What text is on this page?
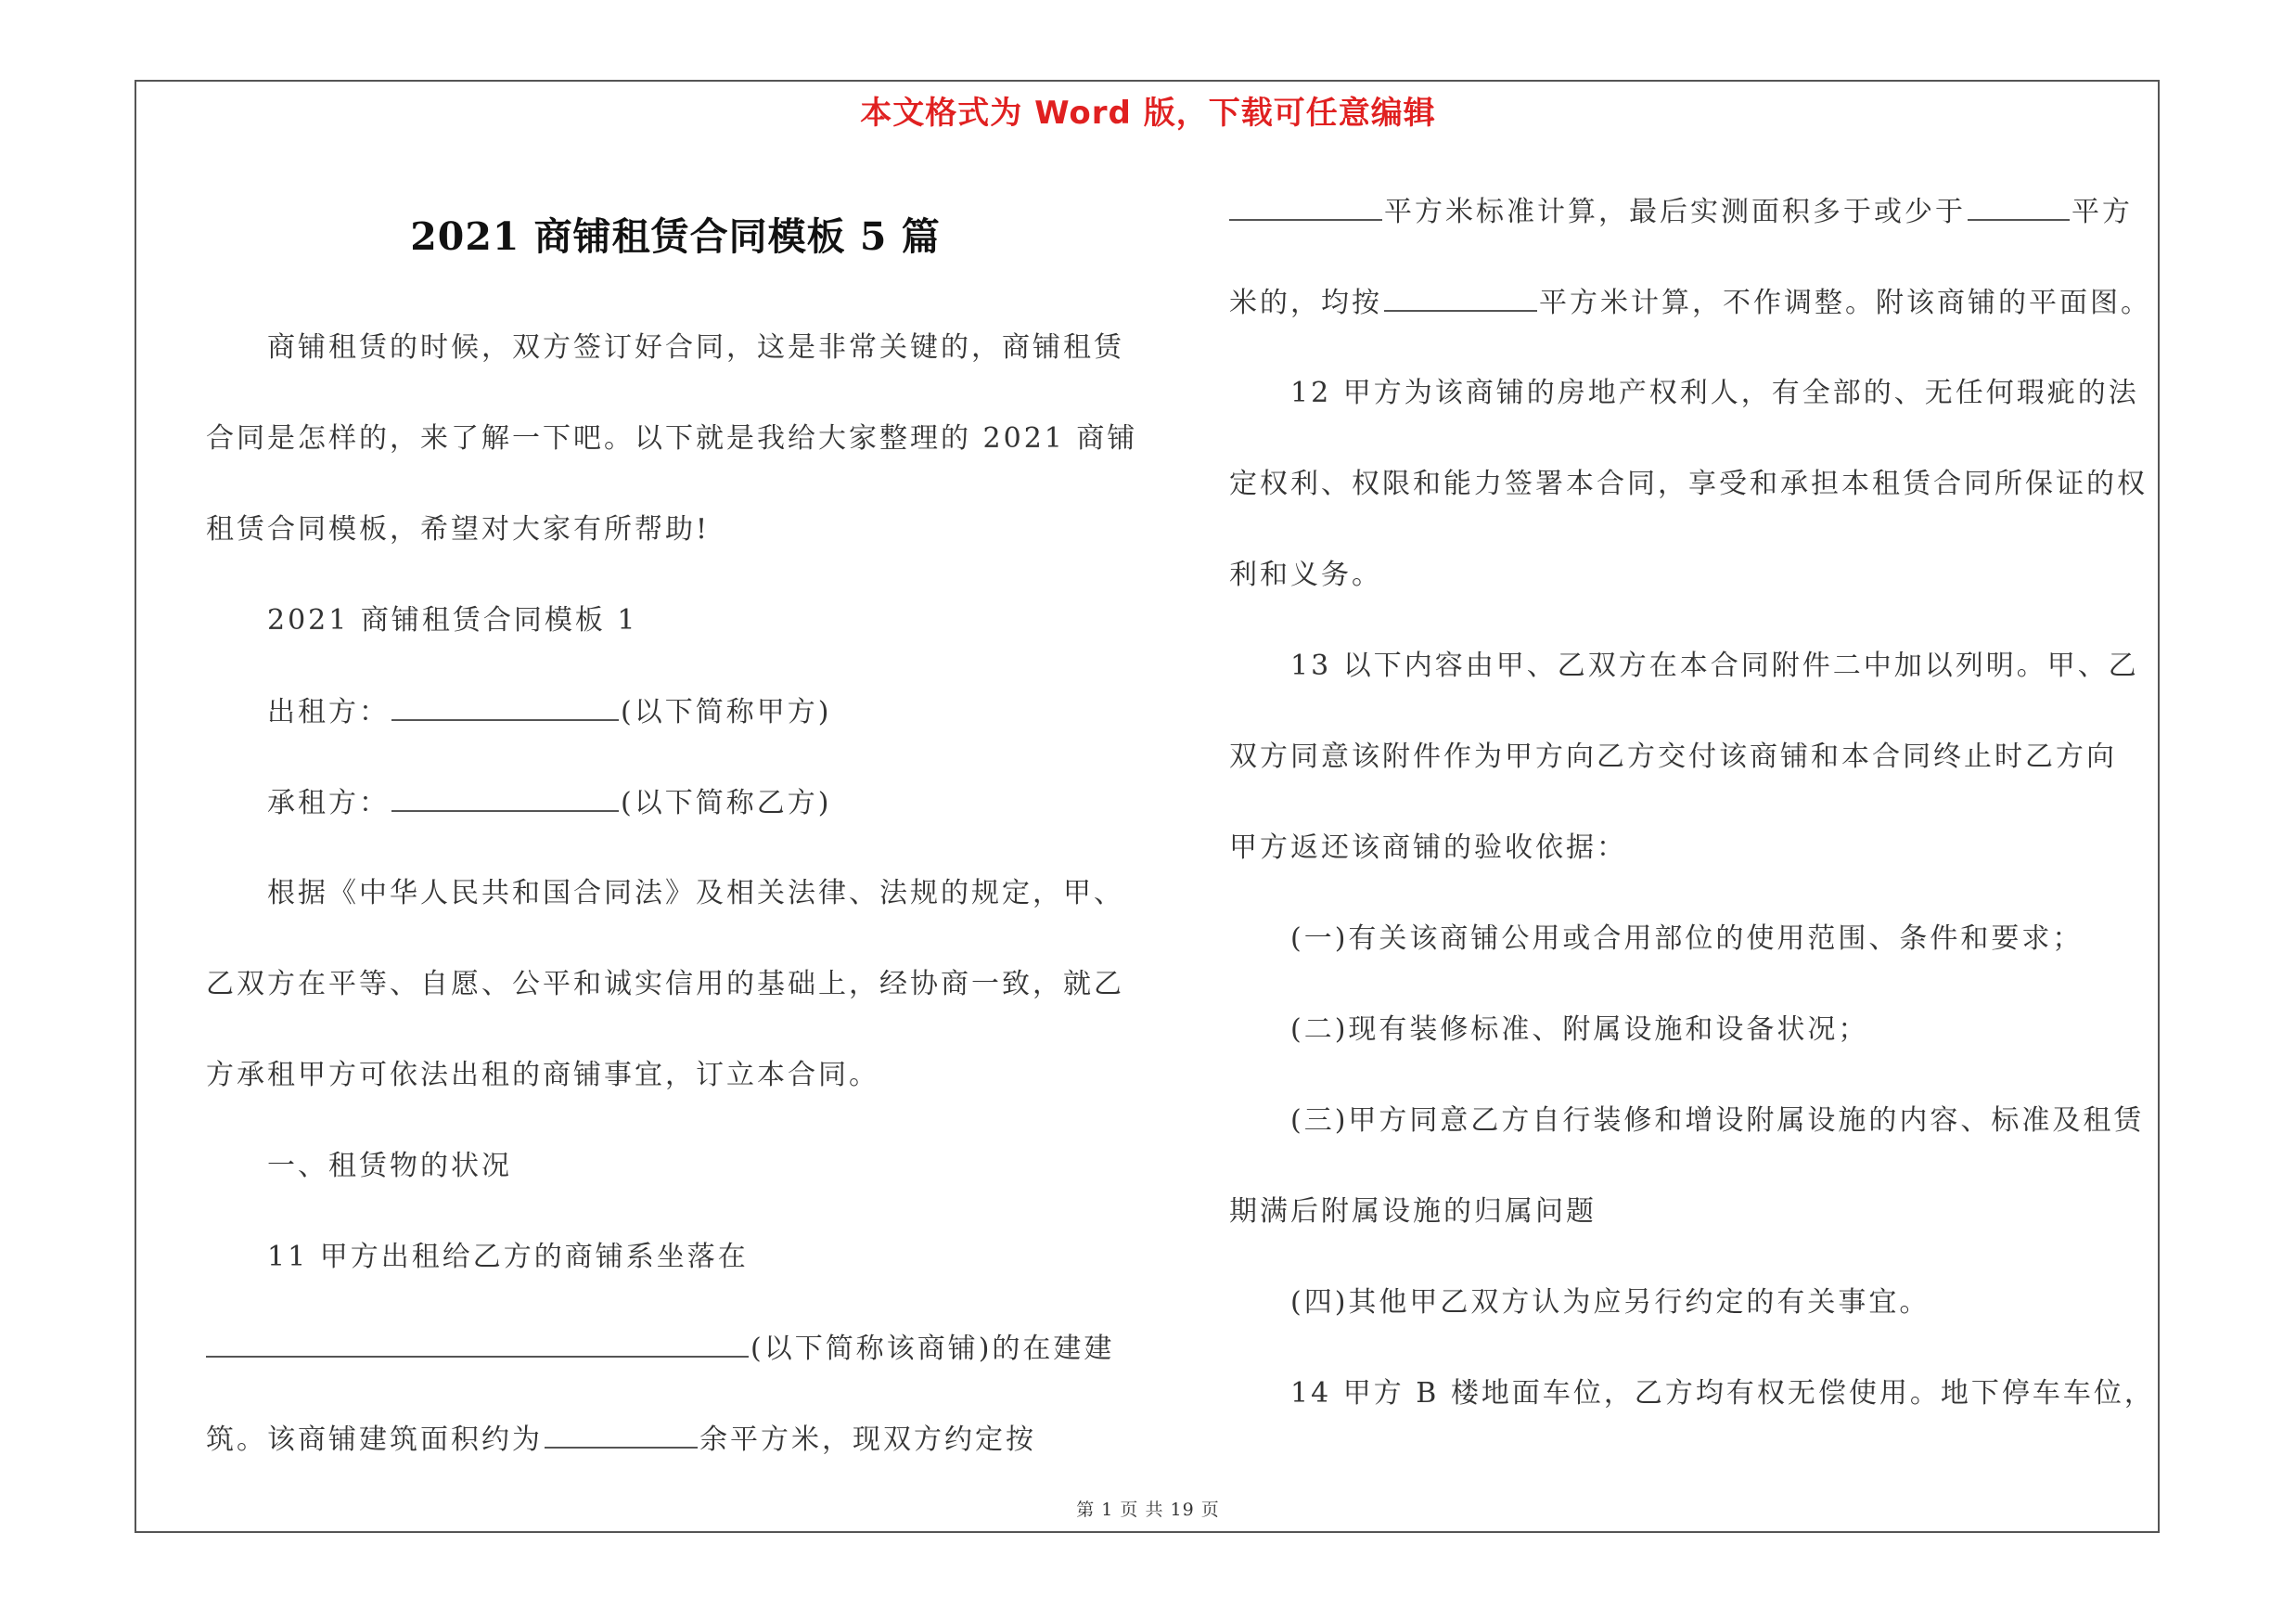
本文格式为 Word 版，下载可任意编辑
2021 商铺租赁合同模板 5 篇
商铺租赁的时候，双方签订好合同，这是非常关键的，商铺租赁
合同是怎样的，来了解一下吧。以下就是我给大家整理的 2021 商铺
租赁合同模板，希望对大家有所帮助!
2021 商铺租赁合同模板 1
出租方：	(以下简称甲方)
承租方：	(以下简称乙方)
根据《中华人民共和国合同法》及相关法律、法规的规定，甲、
乙双方在平等、自愿、公平和诚实信用的基础上，经协商一致，就乙
方承租甲方可依法出租的商铺事宜，订立本合同。
一、租赁物的状况
11 甲方出租给乙方的商铺系坐落在
(以下简称该商铺)的在建建
筑。该商铺建筑面积约为	余平方米，现双方约定按
平方米标准计算，最后实测面积多于或少于	平方
米的，均按	平方米计算，不作调整。附该商铺的平面图。
12 甲方为该商铺的房地产权利人，有全部的、无任何瑕疵的法
定权利、权限和能力签署本合同，享受和承担本租赁合同所保证的权
利和义务。
13 以下内容由甲、乙双方在本合同附件二中加以列明。甲、乙
双方同意该附件作为甲方向乙方交付该商铺和本合同终止时乙方向
甲方返还该商铺的验收依据：
(一)有关该商铺公用或合用部位的使用范围、条件和要求；
(二)现有装修标准、附属设施和设备状况；
(三)甲方同意乙方自行装修和增设附属设施的内容、标准及租赁
期满后附属设施的归属问题
(四)其他甲乙双方认为应另行约定的有关事宜。
14 甲方 B 楼地面车位，乙方均有权无偿使用。地下停车车位，
第 1 页 共 19 页
